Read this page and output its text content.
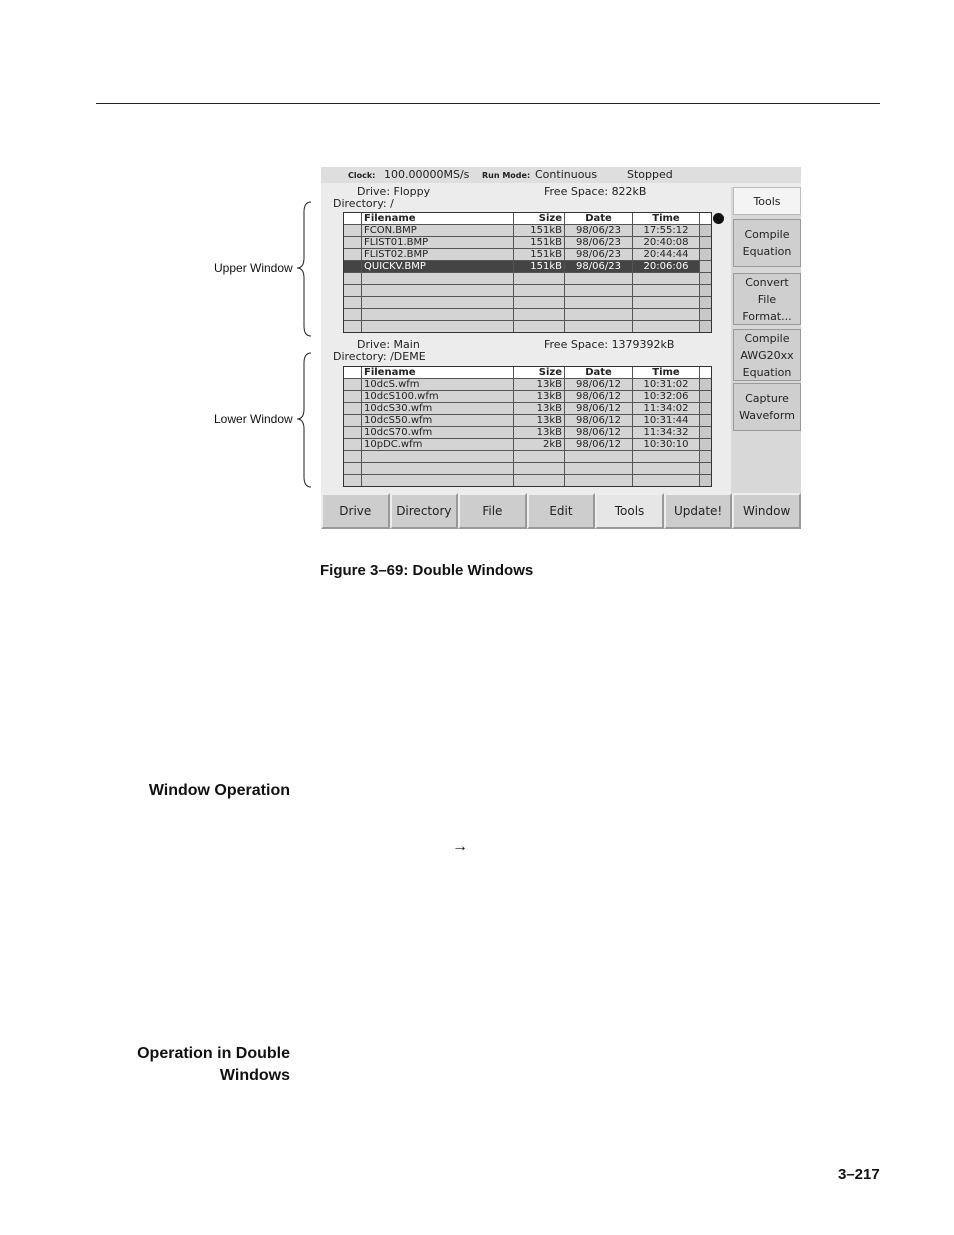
Clock: 100.00000MS/s Run Mode: Continuous	Stopped
Drive: Floppy
Directory: /
Free Space: 822kB
Filename	Size	Date	Time
FCON.BMP	151kB	98/06/23	17:55:12
FLIST01.BMP	151kB	98/06/23	20:40:08
FLIST02.BMP	151kB	98/06/23	20:44:44
QUICKV.BMP	151kB	98/06/23	20:06:06
Drive: Main
Directory: /DEME
Free Space: 1379392kB
Filename	Size	Date	Time
10dcS.wfm	13kB	98/06/12	10:31:02
10dcS100.wfm	13kB	98/06/12	10:32:06
10dcS30.wfm	13kB	98/06/12	11:34:02
10dcS50.wfm	13kB	98/06/12	10:31:44
10dcS70.wfm	13kB	98/06/12	11:34:32
10pDC.wfm	2kB	98/06/12	10:30:10
Tools
Compile
Equation
Convert
File
Format...
Compile
AWG20xx
Equation
Capture
Waveform
Drive	Directory	File	Edit	Tools	Update!	Window
Upper Window
Lower Window
Figure 3–69: Double Windows
Window Operation
→
Operation in Double
Windows
3–217
